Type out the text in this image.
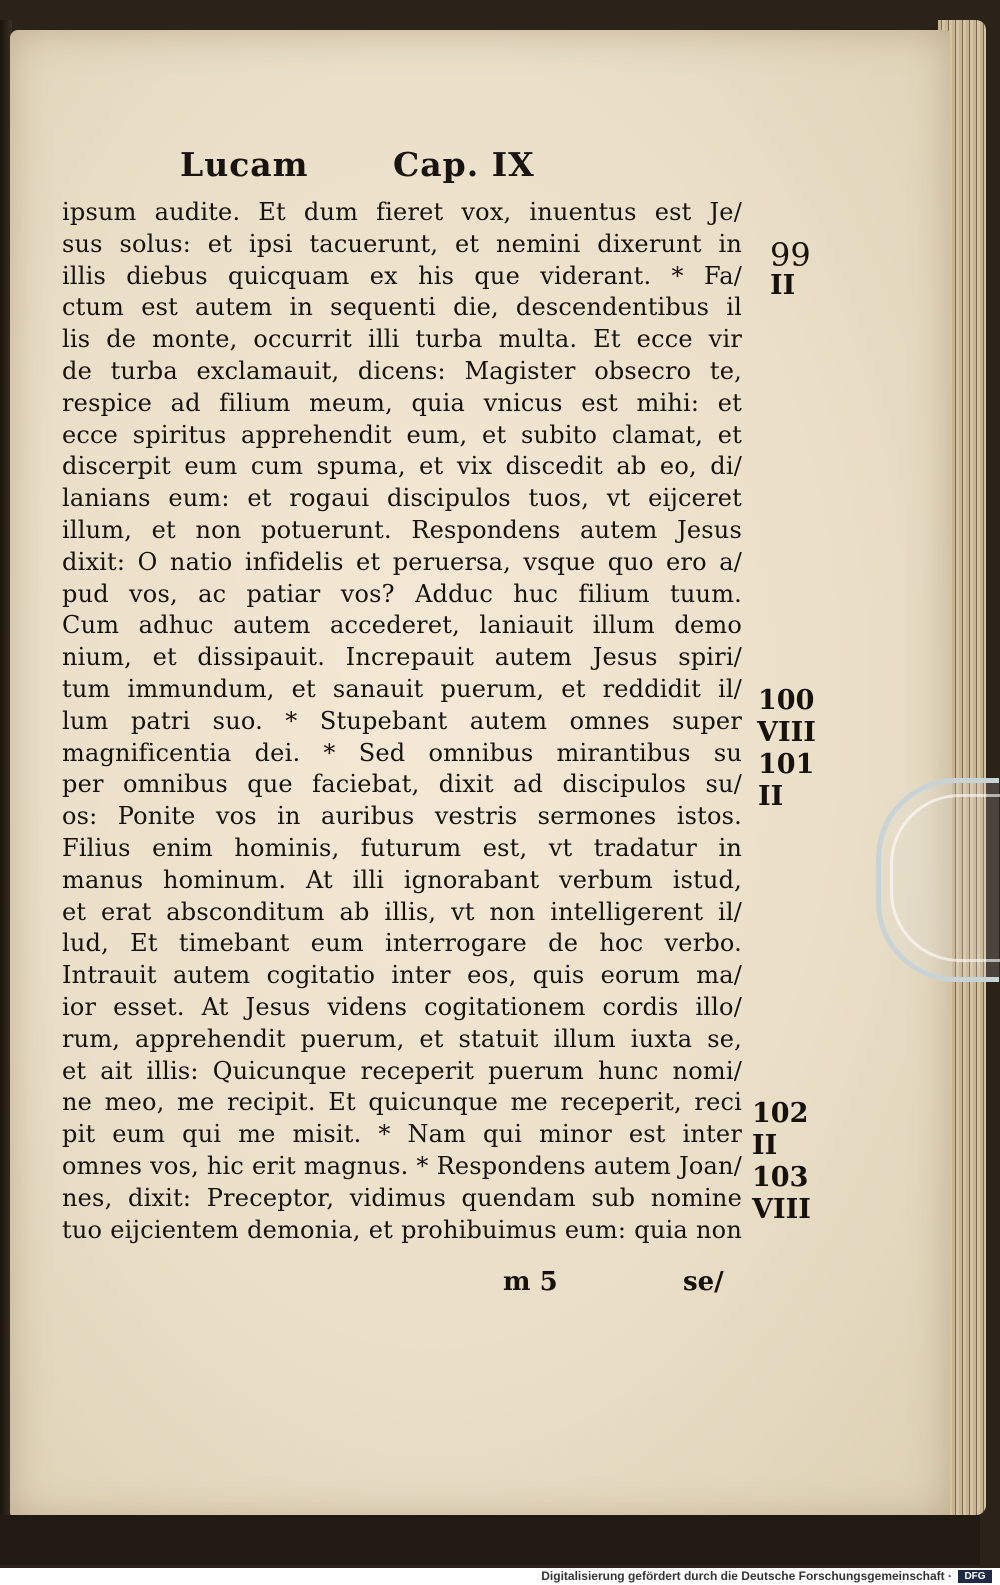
Lucam	Cap. IX
ipsum audite. Et dum fieret vox, inuentus est Je/
sus solus: et ipsi tacuerunt, et nemini dixerunt in
illis diebus quicquam ex his que viderant. * Fa/
ctum est autem in sequenti die, descendentibus il
lis de monte, occurrit illi turba multa. Et ecce vir
de turba exclamauit, dicens: Magister obsecro te,
respice ad filium meum, quia vnicus est mihi: et
ecce spiritus apprehendit eum, et subito clamat, et
discerpit eum cum spuma, et vix discedit ab eo, di/
lanians eum: et rogaui discipulos tuos, vt eijceret
illum, et non potuerunt. Respondens autem Jesus
dixit: O natio infidelis et peruersa, vsque quo ero a/
pud vos, ac patiar vos? Adduc huc filium tuum.
Cum adhuc autem accederet, laniauit illum demo
nium, et dissipauit. Increpauit autem Jesus spiri/
tum immundum, et sanauit puerum, et reddidit il/
lum patri suo. * Stupebant autem omnes super
magnificentia dei. * Sed omnibus mirantibus su
per omnibus que faciebat, dixit ad discipulos su/
os: Ponite vos in auribus vestris sermones istos.
Filius enim hominis, futurum est, vt tradatur in
manus hominum. At illi ignorabant verbum istud,
et erat absconditum ab illis, vt non intelligerent il/
lud, Et timebant eum interrogare de hoc verbo.
Intrauit autem cogitatio inter eos, quis eorum ma/
ior esset. At Jesus videns cogitationem cordis illo/
rum, apprehendit puerum, et statuit illum iuxta se,
et ait illis: Quicunque receperit puerum hunc nomi/
ne meo, me recipit. Et quicunque me receperit, reci
pit eum qui me misit. * Nam qui minor est inter
omnes vos, hic erit magnus. * Respondens autem Joan/
nes, dixit: Preceptor, vidimus quendam sub nomine
tuo eijcientem demonia, et prohibuimus eum: quia non
99
II
100
VIII
101
II
102
II
103
VIII
m 5	se/
Digitalisierung gefördert durch die Deutsche Forschungsgemeinschaft ·	DFG
